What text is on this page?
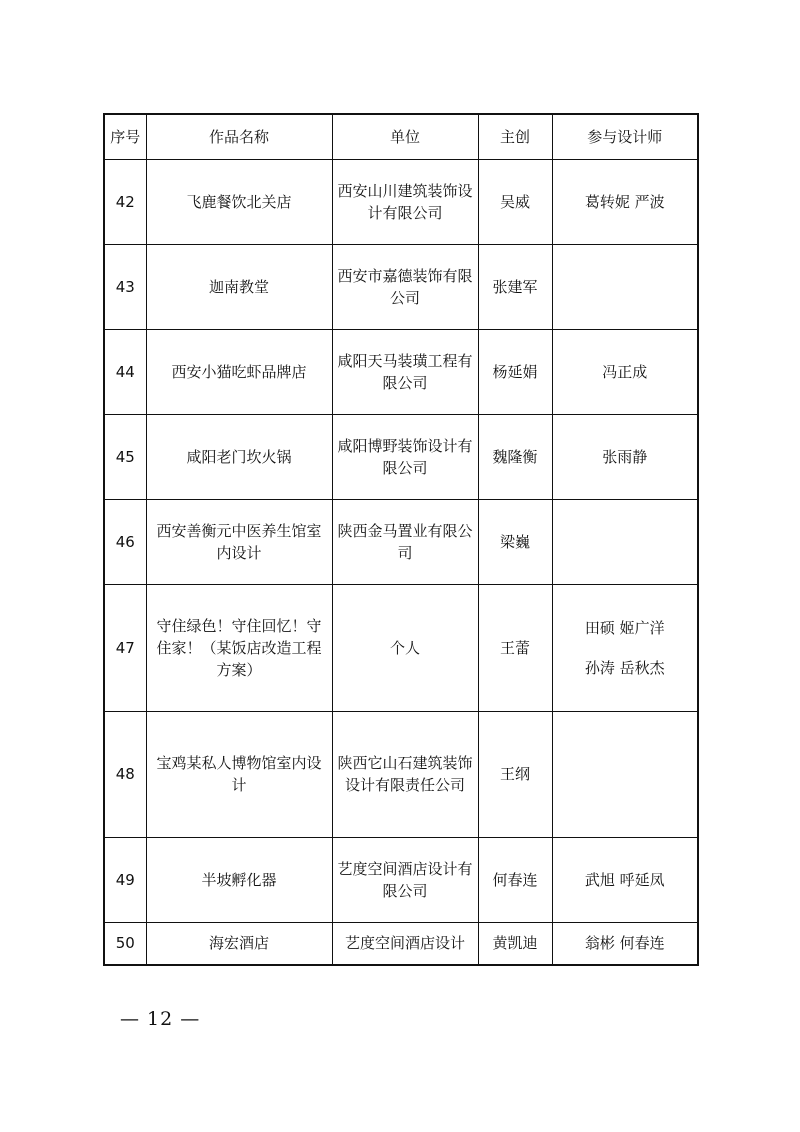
序号	作品名称	单位	主创	参与设计师
42	飞鹿餐饮北关店	西安山川建筑装饰设计有限公司	吴威	葛转妮 严波

43	迦南教堂	西安市嘉德装饰有限公司	张建军	

44	西安小猫吃虾品牌店	咸阳天马装璜工程有限公司	杨延娟	冯正成

45	咸阳老门坎火锅	咸阳博野装饰设计有限公司	魏隆衡	张雨静

46	西安善衡元中医养生馆室内设计	陕西金马置业有限公司	梁巍	

47	守住绿色！守住回忆！守住家！（某饭店改造工程方案）	个人	王蕾	田硕 姬广洋
孙涛 岳秋杰

48	宝鸡某私人博物馆室内设计	陕西它山石建筑装饰设计有限责任公司	王纲	

49	半坡孵化器	艺度空间酒店设计有限公司	何春连	武旭 呼延凤

50	海宏酒店	艺度空间酒店设计	黄凯迪	翁彬 何春连
— 12 —
